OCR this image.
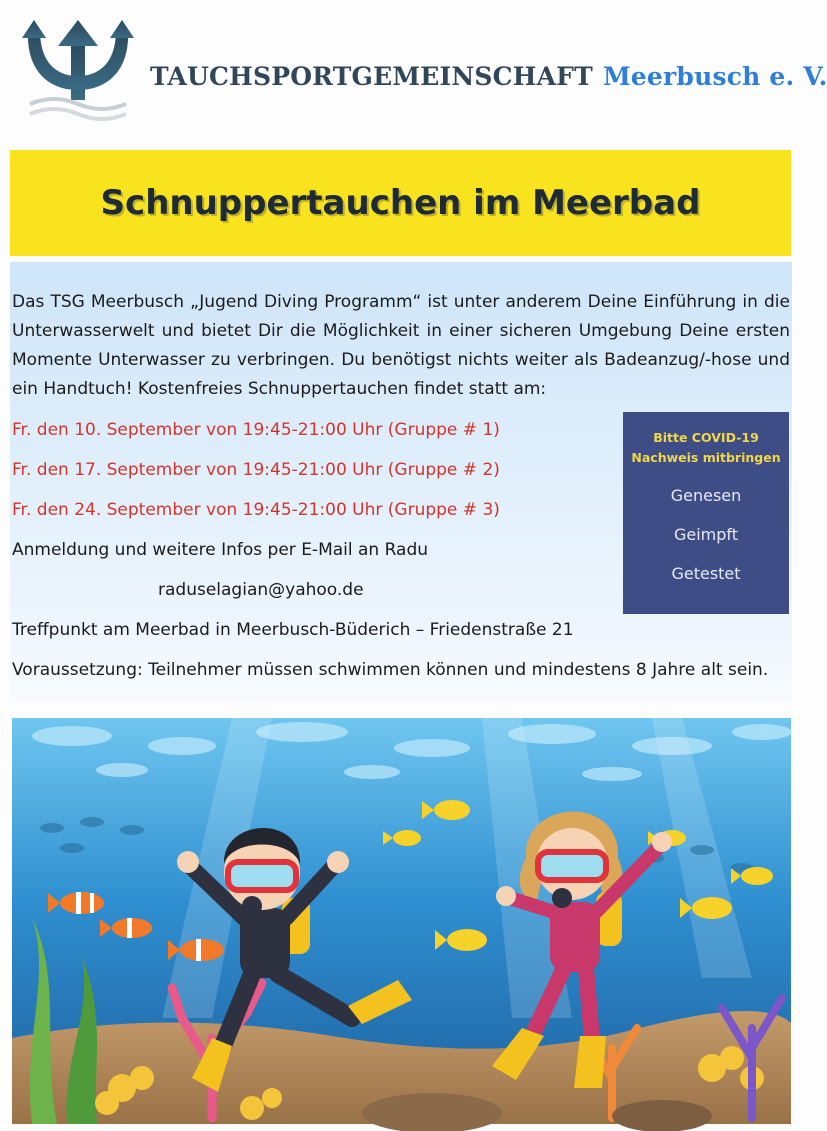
TAUCHSPORTGEMEINSCHAFT Meerbusch e. V.
Schnuppertauchen im Meerbad
Das TSG Meerbusch „Jugend Diving Programm“ ist unter anderem Deine Einführung in die Unterwasserwelt und bietet Dir die Möglichkeit in einer sicheren Umgebung Deine ersten Momente Unterwasser zu verbringen. Du benötigst nichts weiter als Badeanzug/-hose und ein Handtuch! Kostenfreies Schnuppertauchen findet statt am:
Fr. den 10. September von 19:45-21:00 Uhr (Gruppe # 1)
Fr. den 17. September von 19:45-21:00 Uhr (Gruppe # 2)
Fr. den 24. September von 19:45-21:00 Uhr (Gruppe # 3)
Anmeldung und weitere Infos per E-Mail an Radu
raduselagian@yahoo.de
Treffpunkt am Meerbad in Meerbusch-Büderich – Friedenstraße 21
Voraussetzung: Teilnehmer müssen schwimmen können und mindestens 8 Jahre alt sein.
Bitte COVID-19
Nachweis mitbringen
Genesen
Geimpft
Getestet
